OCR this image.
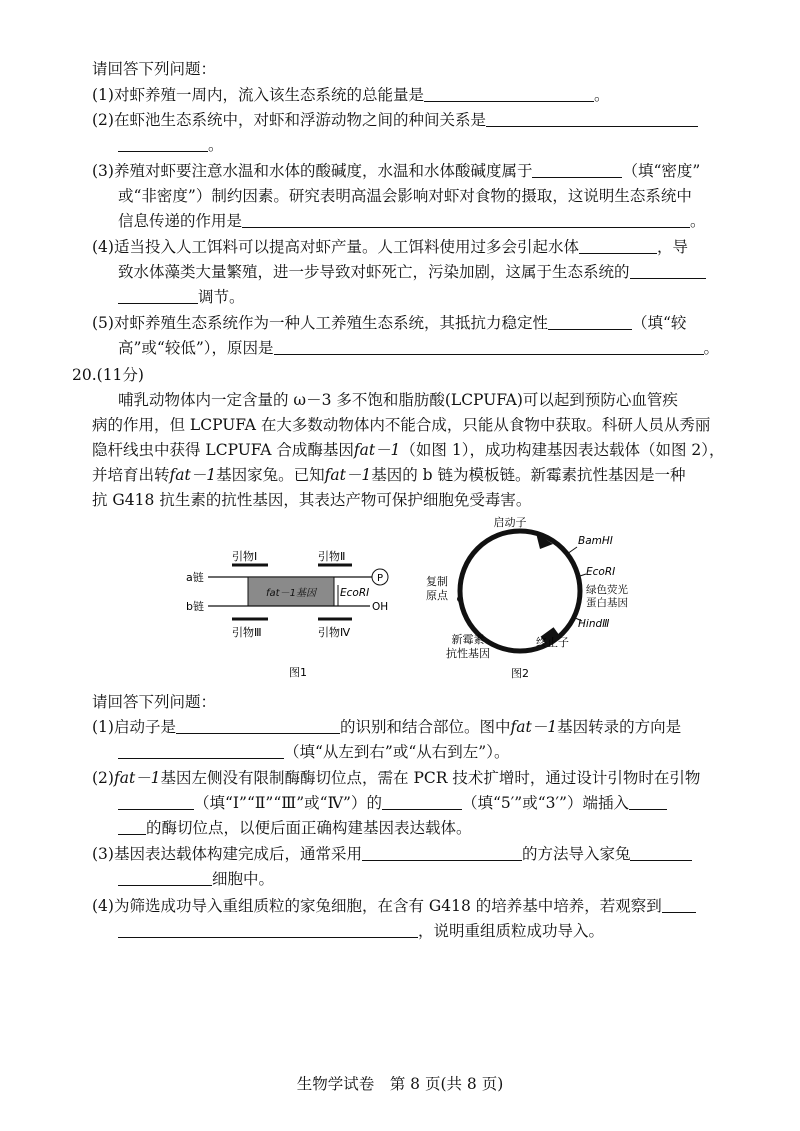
请回答下列问题：
(1)对虾养殖一周内，流入该生态系统的总能量是	。
(2)在虾池生态系统中，对虾和浮游动物之间的种间关系是
。
(3)养殖对虾要注意水温和水体的酸碱度，水温和水体酸碱度属于	（填“密度”
或“非密度”）制约因素。研究表明高温会影响对虾对食物的摄取，这说明生态系统中
信息传递的作用是	。
(4)适当投入人工饵料可以提高对虾产量。人工饵料使用过多会引起水体	，导
致水体藻类大量繁殖，进一步导致对虾死亡，污染加剧，这属于生态系统的
调节。
(5)对虾养殖生态系统作为一种人工养殖生态系统，其抵抗力稳定性	（填“较
高”或“较低”），原因是	。
20.(11分)
哺乳动物体内一定含量的 ω－3 多不饱和脂肪酸(LCPUFA)可以起到预防心血管疾
病的作用，但 LCPUFA 在大多数动物体内不能合成，只能从食物中获取。科研人员从秀丽
隐杆线虫中获得 LCPUFA 合成酶基因fat－1（如图 1），成功构建基因表达载体（如图 2），
并培育出转fat－1基因家兔。已知fat－1基因的 b 链为模板链。新霉素抗性基因是一种
抗 G418 抗生素的抗性基因，其表达产物可保护细胞免受毒害。
引物Ⅰ	引物Ⅱ
a链	P
fat－1基因 EcoRⅠ
b链	OH
引物Ⅲ	引物Ⅳ
图1
启动子
BamHⅠ
EcoRⅠ
绿色荧光
蛋白基因
HindⅢ
终止子
新霉素
抗性基因
复制
原点
图2
请回答下列问题：
(1)启动子是	的识别和结合部位。图中fat－1基因转录的方向是
（填“从左到右”或“从右到左”）。
(2)fat－1基因左侧没有限制酶酶切位点，需在 PCR 技术扩增时，通过设计引物时在引物
（填“Ⅰ”“Ⅱ”“Ⅲ”或“Ⅳ”）的	（填“5′”或“3′”）端插入
的酶切位点，以便后面正确构建基因表达载体。
(3)基因表达载体构建完成后，通常采用	的方法导入家兔
细胞中。
(4)为筛选成功导入重组质粒的家兔细胞，在含有 G418 的培养基中培养，若观察到
，说明重组质粒成功导入。
生物学试卷　第 8 页(共 8 页)
